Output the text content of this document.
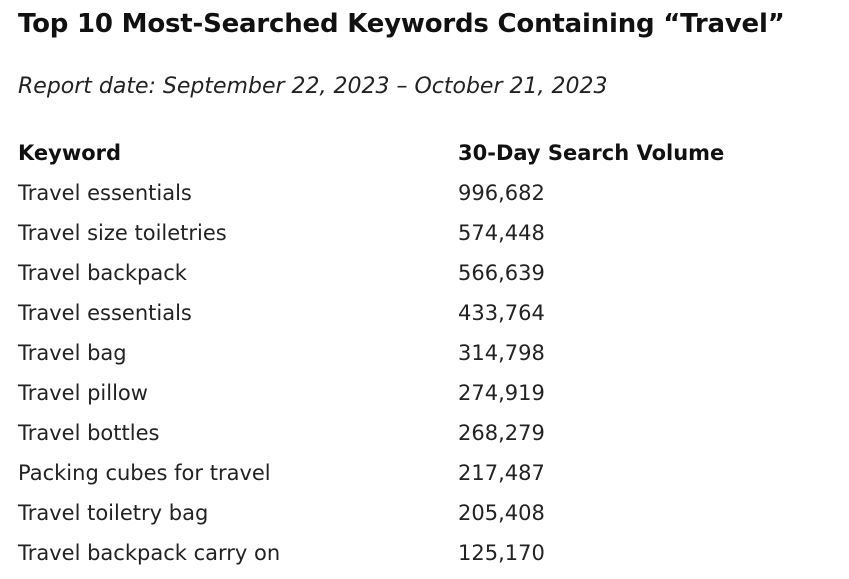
Top 10 Most-Searched Keywords Containing “Travel”

Report date: September 22, 2023 – October 21, 2023

Keyword	30-Day Search Volume
Travel essentials	996,682
Travel size toiletries	574,448
Travel backpack	566,639
Travel essentials	433,764
Travel bag	314,798
Travel pillow	274,919
Travel bottles	268,279
Packing cubes for travel	217,487
Travel toiletry bag	205,408
Travel backpack carry on	125,170
